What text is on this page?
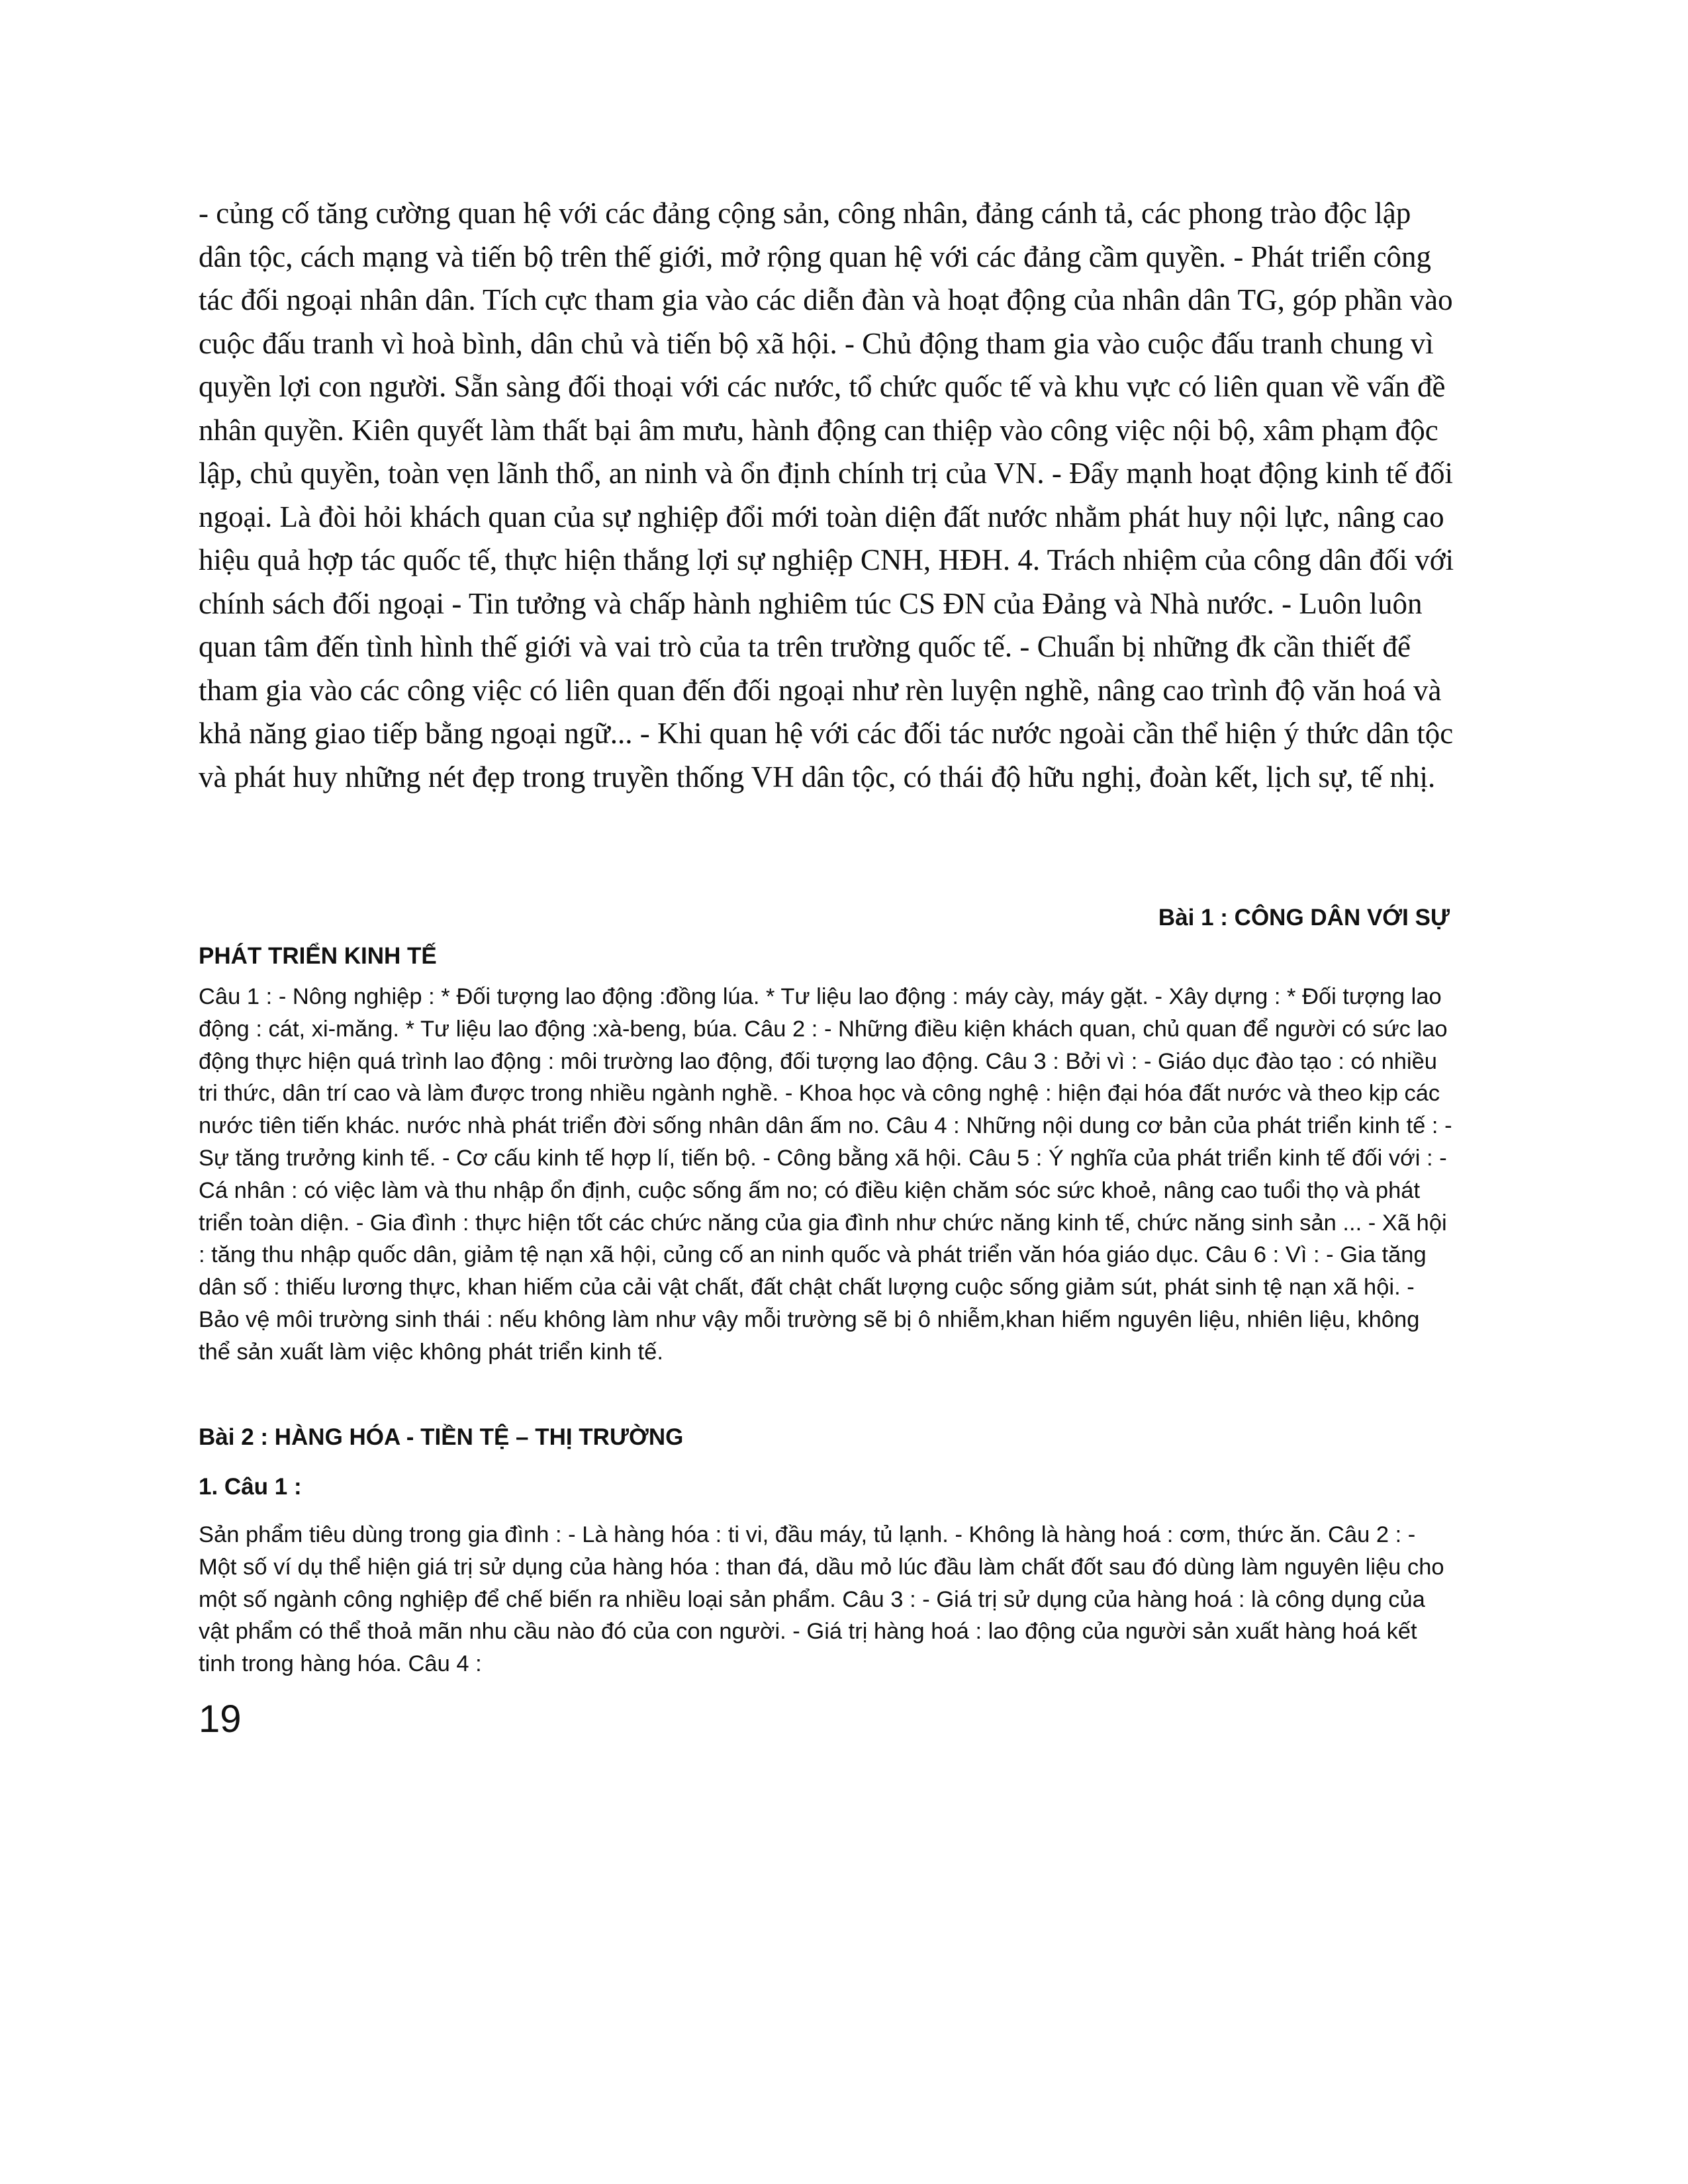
- củng cố tăng cường quan hệ với các đảng cộng sản, công nhân, đảng cánh tả, các phong trào độc lập dân tộc, cách mạng và tiến bộ trên thế giới, mở rộng quan hệ với các đảng cầm quyền. - Phát triển công tác đối ngoại nhân dân. Tích cực tham gia vào các diễn đàn và hoạt động của nhân dân TG, góp phần vào cuộc đấu tranh vì hoà bình, dân chủ và tiến bộ xã hội. - Chủ động tham gia vào cuộc đấu tranh chung vì quyền lợi con người. Sẵn sàng đối thoại với các nước, tổ chức quốc tế và khu vực có liên quan về vấn đề nhân quyền. Kiên quyết làm thất bại âm mưu, hành động can thiệp vào công việc nội bộ, xâm phạm độc lập, chủ quyền, toàn vẹn lãnh thổ, an ninh và ổn định chính trị của VN. - Đẩy mạnh hoạt động kinh tế đối ngoại. Là đòi hỏi khách quan của sự nghiệp đổi mới toàn diện đất nước nhằm phát huy nội lực, nâng cao hiệu quả hợp tác quốc tế, thực hiện thắng lợi sự nghiệp CNH, HĐH. 4. Trách nhiệm của công dân đối với chính sách đối ngoại - Tin tưởng và chấp hành nghiêm túc CS ĐN của Đảng và Nhà nước. - Luôn luôn quan tâm đến tình hình thế giới và vai trò của ta trên trường quốc tế. - Chuẩn bị những đk cần thiết để tham gia vào các công việc có liên quan đến đối ngoại như rèn luyện nghề, nâng cao trình độ văn hoá và khả năng giao tiếp bằng ngoại ngữ... - Khi quan hệ với các đối tác nước ngoài cần thể hiện ý thức dân tộc và phát huy những nét đẹp trong truyền thống VH dân tộc, có thái độ hữu nghị, đoàn kết, lịch sự, tế nhị.

Bài 1 : CÔNG DÂN VỚI SỰ

PHÁT TRIỂN KINH TẾ

Câu 1 : - Nông nghiệp : * Đối tượng lao động :đồng lúa. * Tư liệu lao động : máy cày, máy gặt. - Xây dựng : * Đối tượng lao động : cát, xi-măng. * Tư liệu lao động :xà-beng, búa. Câu 2 : - Những điều kiện khách quan, chủ quan để người có sức lao động thực hiện quá trình lao động : môi trường lao động, đối tượng lao động. Câu 3 : Bởi vì : - Giáo dục đào tạo : có nhiều tri thức, dân trí cao và làm được trong nhiều ngành nghề. - Khoa học và công nghệ : hiện đại hóa đất nước và theo kịp các nước tiên tiến khác. nước nhà phát triển đời sống nhân dân ấm no. Câu 4 : Những nội dung cơ bản của phát triển kinh tế : - Sự tăng trưởng kinh tế. - Cơ cấu kinh tế hợp lí, tiến bộ. - Công bằng xã hội. Câu 5 : Ý nghĩa của phát triển kinh tế đối với : - Cá nhân : có việc làm và thu nhập ổn định, cuộc sống ấm no; có điều kiện chăm sóc sức khoẻ, nâng cao tuổi thọ và phát triển toàn diện. - Gia đình : thực hiện tốt các chức năng của gia đình như chức năng kinh tế, chức năng sinh sản ... - Xã hội : tăng thu nhập quốc dân, giảm tệ nạn xã hội, củng cố an ninh quốc và phát triển văn hóa giáo dục. Câu 6 : Vì : - Gia tăng dân số : thiếu lương thực, khan hiếm của cải vật chất, đất chật chất lượng cuộc sống giảm sút, phát sinh tệ nạn xã hội. - Bảo vệ môi trường sinh thái : nếu không làm như vậy mỗi trường sẽ bị ô nhiễm,khan hiếm nguyên liệu, nhiên liệu, không thể sản xuất làm việc không phát triển kinh tế.

Bài 2 : HÀNG HÓA - TIỀN TỆ – THỊ TRƯỜNG

1. Câu 1 :

Sản phẩm tiêu dùng trong gia đình : - Là hàng hóa : ti vi, đầu máy, tủ lạnh. - Không là hàng hoá : cơm, thức ăn. Câu 2 : - Một số ví dụ thể hiện giá trị sử dụng của hàng hóa : than đá, dầu mỏ lúc đầu làm chất đốt sau đó dùng làm nguyên liệu cho một số ngành công nghiệp để chế biến ra nhiều loại sản phẩm. Câu 3 : - Giá trị sử dụng của hàng hoá : là công dụng của vật phẩm có thể thoả mãn nhu cầu nào đó của con người. - Giá trị hàng hoá : lao động của người sản xuất hàng hoá kết tinh trong hàng hóa. Câu 4 :

19
